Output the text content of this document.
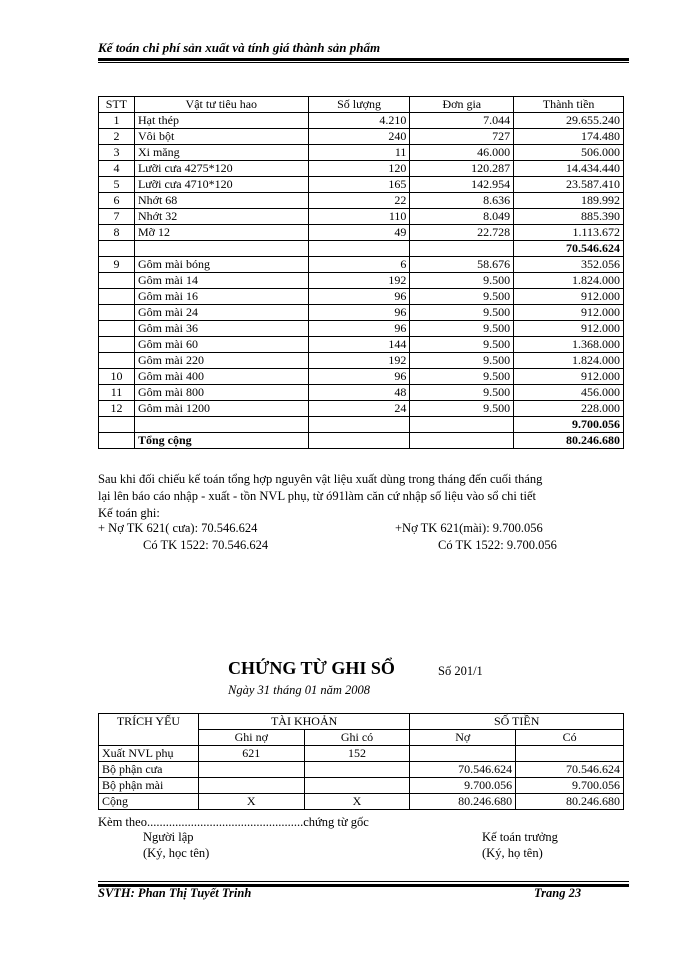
Kế toán chi phí sản xuất và tính giá thành sản phẩm
STT	Vật tư tiêu hao	Số lượng	Đơn gia	Thành tiền
1	Hạt thép	4.210	7.044	29.655.240
2	Vôi bột	240	727	174.480
3	Xi măng	11	46.000	506.000
4	Lưỡi cưa 4275*120	120	120.287	14.434.440
5	Lưỡi cưa 4710*120	165	142.954	23.587.410
6	Nhớt 68	22	8.636	189.992
7	Nhớt 32	110	8.049	885.390
8	Mỡ 12	49	22.728	1.113.672
				70.546.624
9	Gôm mài bóng	6	58.676	352.056
	Gôm mài 14	192	9.500	1.824.000
	Gôm mài 16	96	9.500	912.000
	Gôm mài 24	96	9.500	912.000
	Gôm mài 36	96	9.500	912.000
	Gôm mài 60	144	9.500	1.368.000
	Gôm mài 220	192	9.500	1.824.000
10	Gôm mài 400	96	9.500	912.000
11	Gôm mài 800	48	9.500	456.000
12	Gôm mài 1200	24	9.500	228.000
				9.700.056
	Tổng cộng			80.246.680
Sau khi đối chiếu kế toán tổng hợp nguyên vật liệu xuất dùng trong tháng đến cuối tháng
lại lên báo cáo nhập - xuất - tồn NVL phụ, từ ó91làm căn cứ nhập số liệu vào sổ chi tiết
Kế toán ghi:
+ Nợ TK 621( cưa): 70.546.624	+Nợ TK 621(mài): 9.700.056
Có TK 1522: 70.546.624	Có TK 1522: 9.700.056
CHỨNG TỪ GHI SỔ	Số 201/1
Ngày 31 tháng 01 năm 2008
TRÍCH YẾU	TÀI KHOẢN		SỐ TIỀN	
	Ghi nợ	Ghi có	Nợ	Có
Xuất NVL phụ	621	152		
Bộ phận cưa			70.546.624	70.546.624
Bộ phận mài			9.700.056	9.700.056
Cộng	X	X	80.246.680	80.246.680
Kèm theo..................................................chứng từ gốc
Người lập
(Ký, học tên)
Kế toán trưởng
(Ký, họ tên)
SVTH: Phan Thị Tuyết Trinh	Trang 23
